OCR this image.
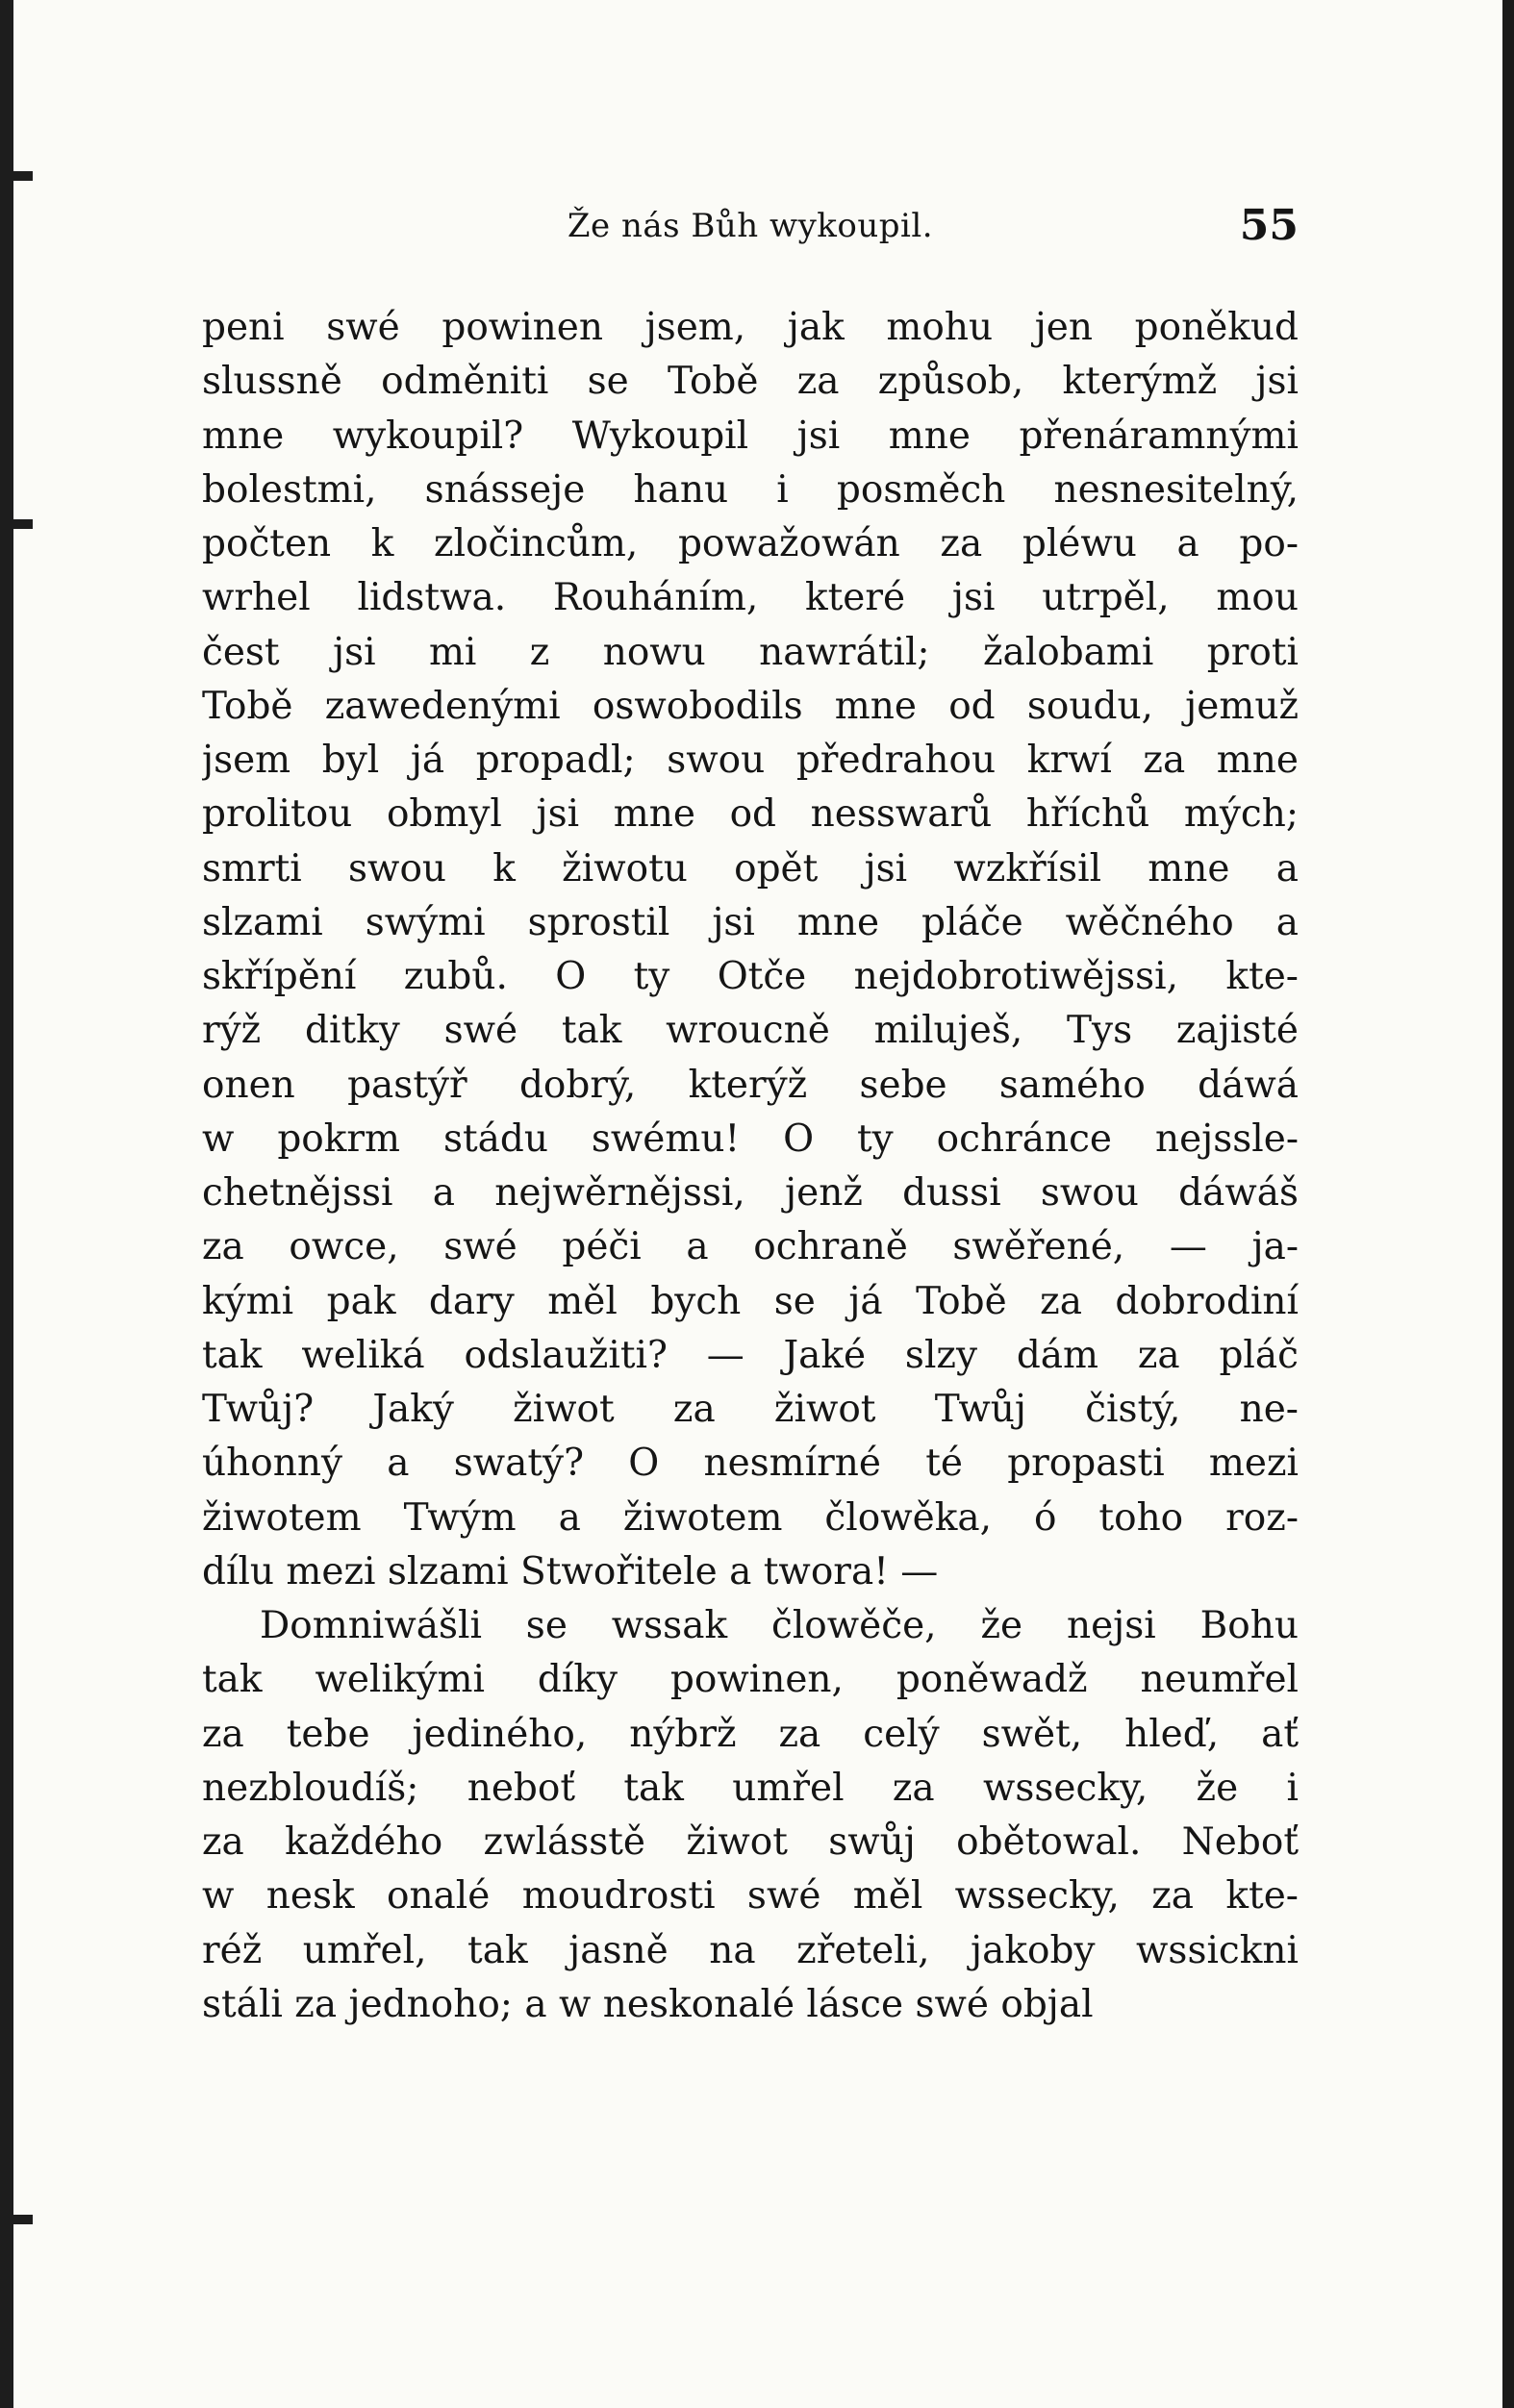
Že nás Bůh wykoupil.	55
peni swé powinen jsem, jak mohu jen poněkud
slussně odměniti se Tobě za způsob, kterýmž jsi
mne wykoupil? Wykoupil jsi mne přenáramnými
bolestmi, snásseje hanu i posměch nesnesitelný,
počten k zločincům, powažowán za pléwu a po-
wrhel lidstwa. Rouháním, které jsi utrpěl, mou
čest jsi mi z nowu nawrátil; žalobami proti
Tobě zawedenými oswobodils mne od soudu, jemuž
jsem byl já propadl; swou předrahou krwí za mne
prolitou obmyl jsi mne od nesswarů hříchů mých;
smrti swou k žiwotu opět jsi wzkřísil mne a
slzami swými sprostil jsi mne pláče wěčného a
skřípění zubů. O ty Otče nejdobrotiwějssi, kte-
rýž ditky swé tak wroucně miluješ, Tys zajisté
onen pastýř dobrý, kterýž sebe samého dáwá
w pokrm stádu swému! O ty ochránce nejssle-
chetnějssi a nejwěrnějssi, jenž dussi swou dáwáš
za owce, swé péči a ochraně swěřené, — ja-
kými pak dary měl bych se já Tobě za dobrodiní
tak weliká odslaužiti? — Jaké slzy dám za pláč
Twůj? Jaký žiwot za žiwot Twůj čistý, ne-
úhonný a swatý? O nesmírné té propasti mezi
žiwotem Twým a žiwotem člowěka, ó toho roz-
dílu mezi slzami Stwořitele a twora! —
Domniwášli se wssak člowěče, že nejsi Bohu
tak welikými díky powinen, poněwadž neumřel
za tebe jediného, nýbrž za celý swět, hleď, ať
nezbloudíš; neboť tak umřel za wssecky, že i
za každého zwlásstě žiwot swůj obětowal. Neboť
w nesk onalé moudrosti swé měl wssecky, za kte-
réž umřel, tak jasně na zřeteli, jakoby wssickni
stáli za jednoho; a w neskonalé lásce swé objal
